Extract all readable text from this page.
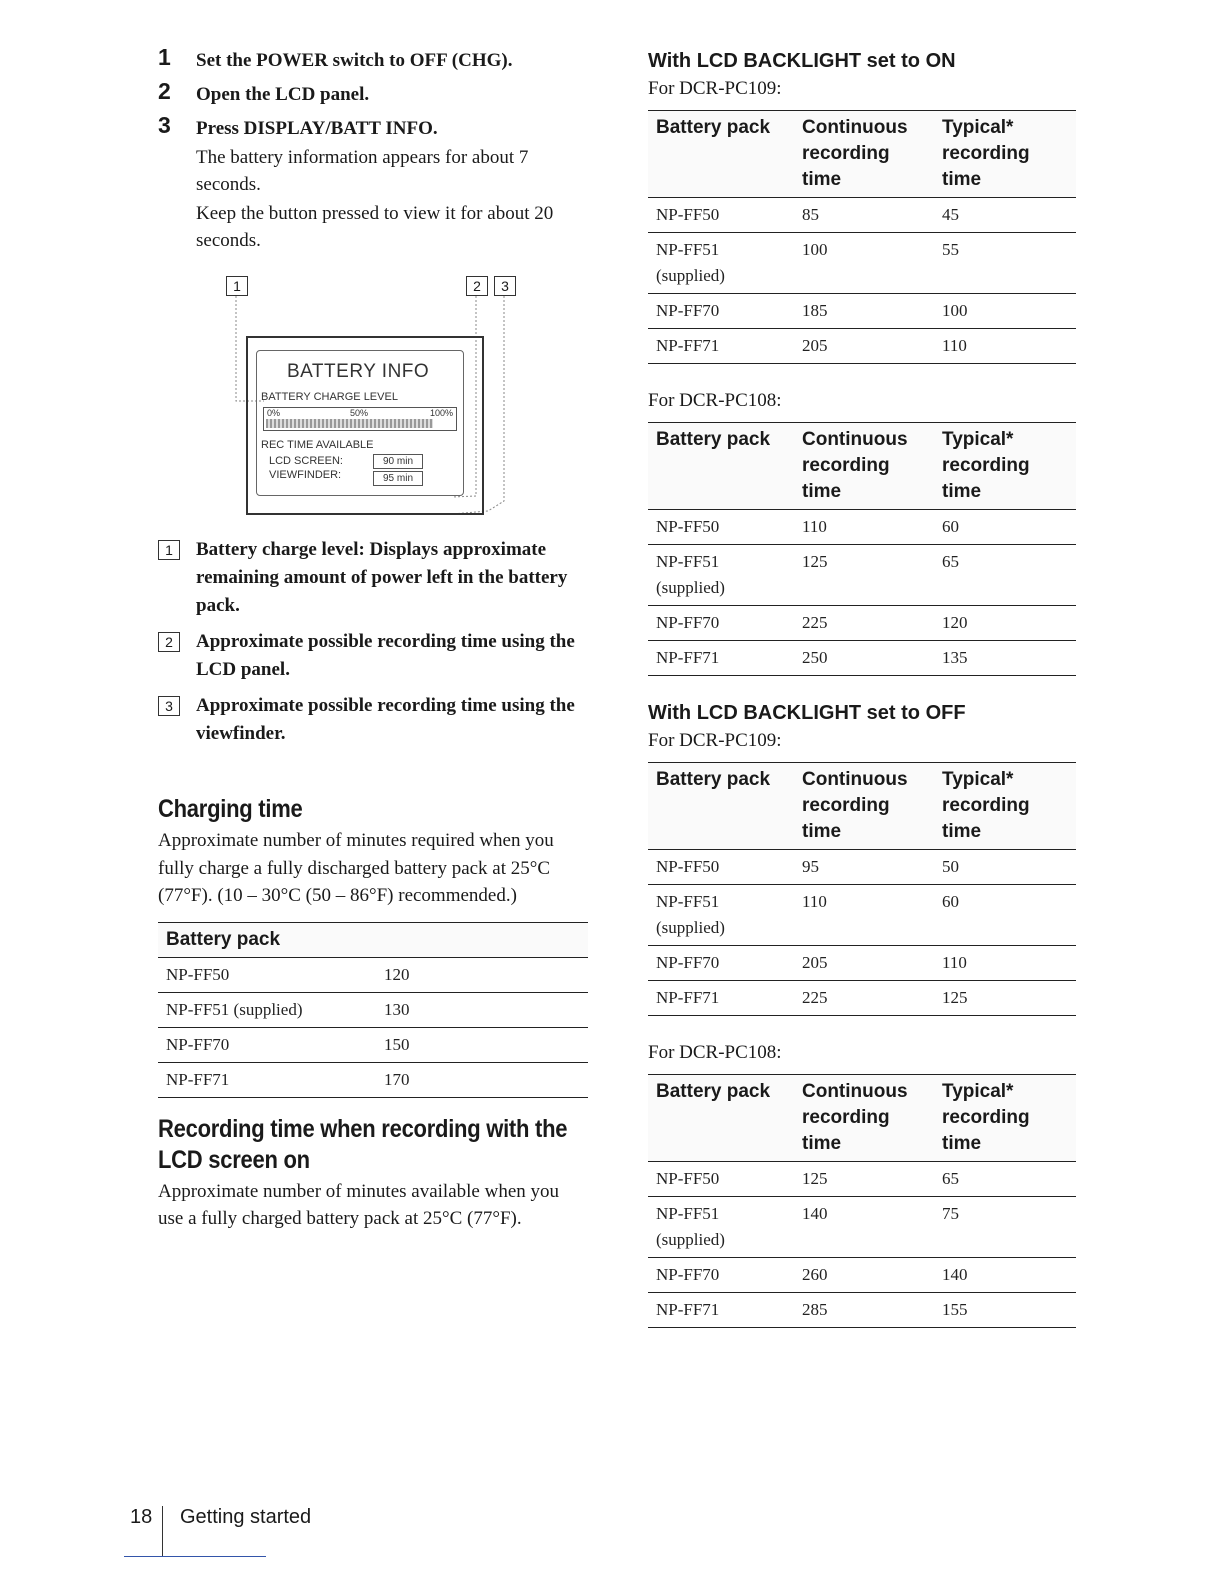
1 Set the POWER switch to OFF (CHG).
2 Open the LCD panel.
3 Press DISPLAY/BATT INFO.
The battery information appears for about 7 seconds.
Keep the button pressed to view it for about 20 seconds.
1	2	3
BATTERY INFO
BATTERY CHARGE LEVEL
0%	50%	100%
REC TIME AVAILABLE
LCD SCREEN:	90 min
VIEWFINDER:	95 min
1	Battery charge level: Displays approximate remaining amount of power left in the battery pack.
2	Approximate possible recording time using the LCD panel.
3	Approximate possible recording time using the viewfinder.
Charging time

Approximate number of minutes required when you fully charge a fully discharged battery pack at 25°C (77°F). (10 – 30°C (50 – 86°F) recommended.)

Battery pack	
NP-FF50	120
NP-FF51 (supplied)	130
NP-FF70	150
NP-FF71	170
Recording time when recording with the LCD screen on

Approximate number of minutes available when you use a fully charged battery pack at 25°C (77°F).

With LCD BACKLIGHT set to ON
For DCR-PC109:
Battery pack	Continuous
recording
time	Typical*
recording
time
NP-FF50	85	45
NP-FF51
(supplied)	100	55
NP-FF70	185	100
NP-FF71	205	110
For DCR-PC108:
Battery pack	Continuous
recording
time	Typical*
recording
time
NP-FF50	110	60
NP-FF51
(supplied)	125	65
NP-FF70	225	120
NP-FF71	250	135
With LCD BACKLIGHT set to OFF
For DCR-PC109:
Battery pack	Continuous
recording
time	Typical*
recording
time
NP-FF50	95	50
NP-FF51
(supplied)	110	60
NP-FF70	205	110
NP-FF71	225	125
For DCR-PC108:
Battery pack	Continuous
recording
time	Typical*
recording
time
NP-FF50	125	65
NP-FF51
(supplied)	140	75
NP-FF70	260	140
NP-FF71	285	155
18 Getting started
